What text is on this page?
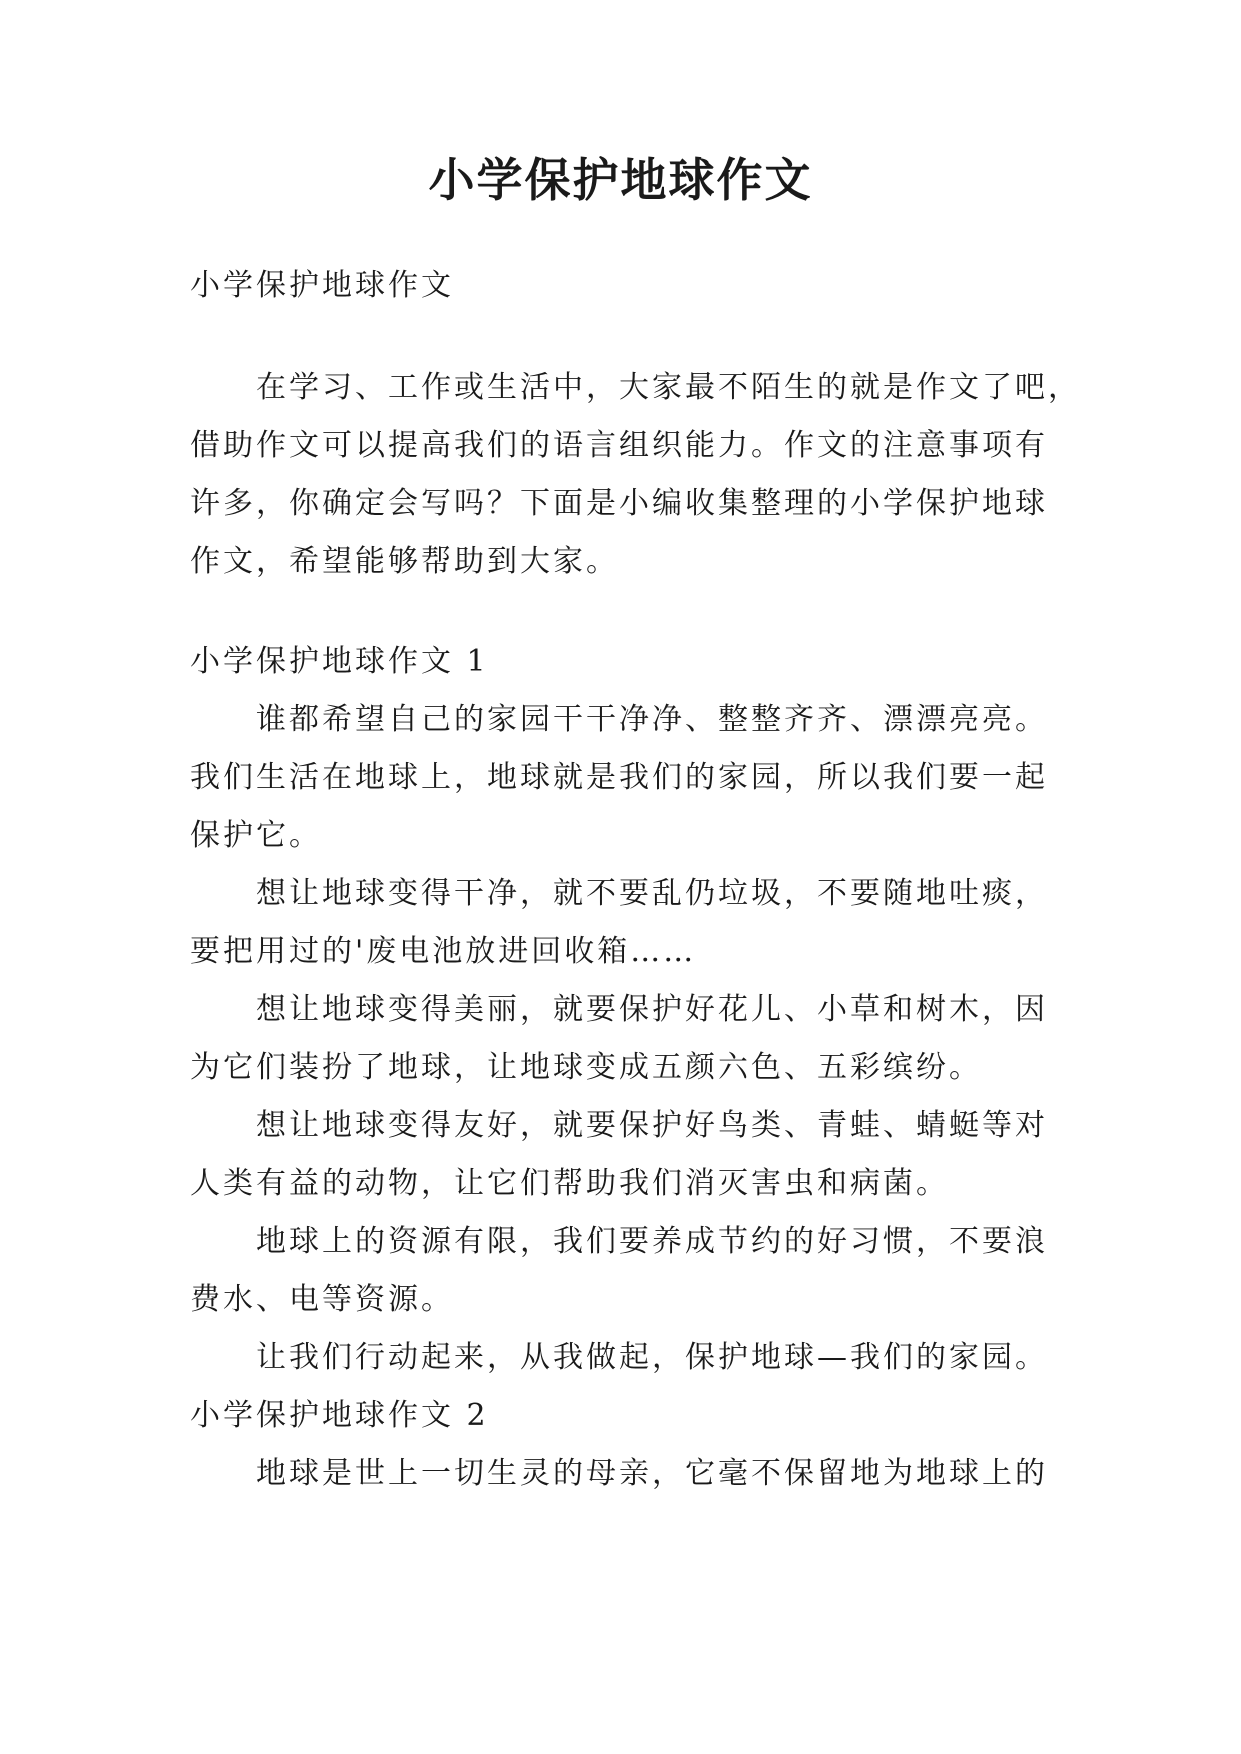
小学保护地球作文

小学保护地球作文

在学习、工作或生活中，大家最不陌生的就是作文了吧，

借助作文可以提高我们的语言组织能力。作文的注意事项有

许多，你确定会写吗？下面是小编收集整理的小学保护地球

作文，希望能够帮助到大家。

小学保护地球作文 1

谁都希望自己的家园干干净净、整整齐齐、漂漂亮亮。

我们生活在地球上，地球就是我们的家园，所以我们要一起

保护它。

想让地球变得干净，就不要乱仍垃圾，不要随地吐痰，

要把用过的'废电池放进回收箱……

想让地球变得美丽，就要保护好花儿、小草和树木，因

为它们装扮了地球，让地球变成五颜六色、五彩缤纷。

想让地球变得友好，就要保护好鸟类、青蛙、蜻蜓等对

人类有益的动物，让它们帮助我们消灭害虫和病菌。

地球上的资源有限，我们要养成节约的好习惯，不要浪

费水、电等资源。

让我们行动起来，从我做起，保护地球—我们的家园。

小学保护地球作文 2

地球是世上一切生灵的母亲，它毫不保留地为地球上的
